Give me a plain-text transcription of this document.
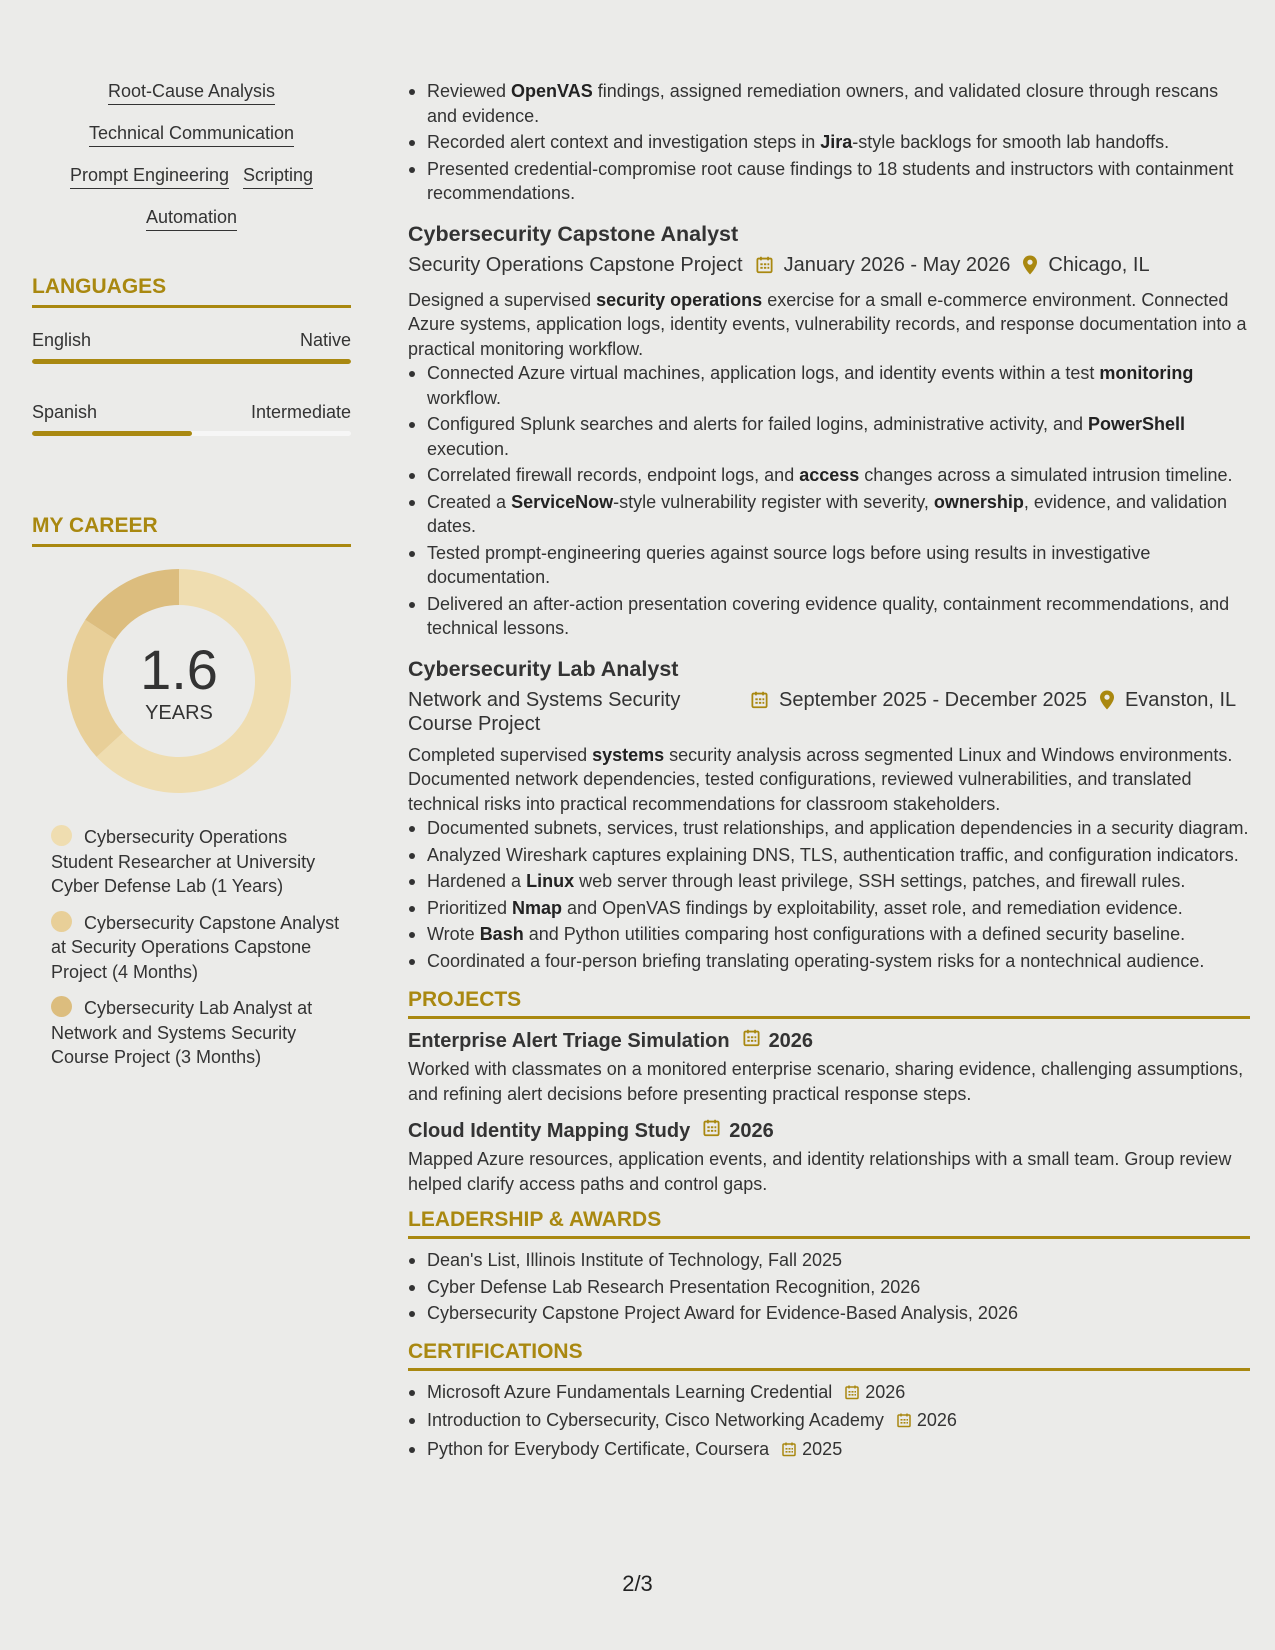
Root-Cause Analysis
Technical Communication
Prompt Engineering Scripting
Automation
LANGUAGES
English	Native
Spanish	Intermediate
MY CAREER
1.6
YEARS
Cybersecurity Operations Student Researcher at University Cyber Defense Lab (1 Years)
Cybersecurity Capstone Analyst at Security Operations Capstone Project (4 Months)
Cybersecurity Lab Analyst at Network and Systems Security Course Project (3 Months)
Reviewed OpenVAS findings, assigned remediation owners, and validated closure through rescans and evidence.
Recorded alert context and investigation steps in Jira-style backlogs for smooth lab handoffs.
Presented credential-compromise root cause findings to 18 students and instructors with containment recommendations.
Cybersecurity Capstone Analyst
Security Operations Capstone Project January 2026 - May 2026 Chicago, IL
Designed a supervised security operations exercise for a small e-commerce environment. Connected Azure systems, application logs, identity events, vulnerability records, and response documentation into a practical monitoring workflow.
Connected Azure virtual machines, application logs, and identity events within a test monitoring workflow.
Configured Splunk searches and alerts for failed logins, administrative activity, and PowerShell execution.
Correlated firewall records, endpoint logs, and access changes across a simulated intrusion timeline.
Created a ServiceNow-style vulnerability register with severity, ownership, evidence, and validation dates.
Tested prompt-engineering queries against source logs before using results in investigative documentation.
Delivered an after-action presentation covering evidence quality, containment recommendations, and technical lessons.
Cybersecurity Lab Analyst
Network and Systems Security Course Project
September 2025 - December 2025 Evanston, IL
Completed supervised systems security analysis across segmented Linux and Windows environments. Documented network dependencies, tested configurations, reviewed vulnerabilities, and translated technical risks into practical recommendations for classroom stakeholders.
Documented subnets, services, trust relationships, and application dependencies in a security diagram.
Analyzed Wireshark captures explaining DNS, TLS, authentication traffic, and configuration indicators.
Hardened a Linux web server through least privilege, SSH settings, patches, and firewall rules.
Prioritized Nmap and OpenVAS findings by exploitability, asset role, and remediation evidence.
Wrote Bash and Python utilities comparing host configurations with a defined security baseline.
Coordinated a four-person briefing translating operating-system risks for a nontechnical audience.
PROJECTS
Enterprise Alert Triage Simulation 2026
Worked with classmates on a monitored enterprise scenario, sharing evidence, challenging assumptions, and refining alert decisions before presenting practical response steps.
Cloud Identity Mapping Study 2026
Mapped Azure resources, application events, and identity relationships with a small team. Group review helped clarify access paths and control gaps.
LEADERSHIP & AWARDS
Dean's List, Illinois Institute of Technology, Fall 2025
Cyber Defense Lab Research Presentation Recognition, 2026
Cybersecurity Capstone Project Award for Evidence-Based Analysis, 2026
CERTIFICATIONS
Microsoft Azure Fundamentals Learning Credential 2026
Introduction to Cybersecurity, Cisco Networking Academy 2026
Python for Everybody Certificate, Coursera 2025
2/3
